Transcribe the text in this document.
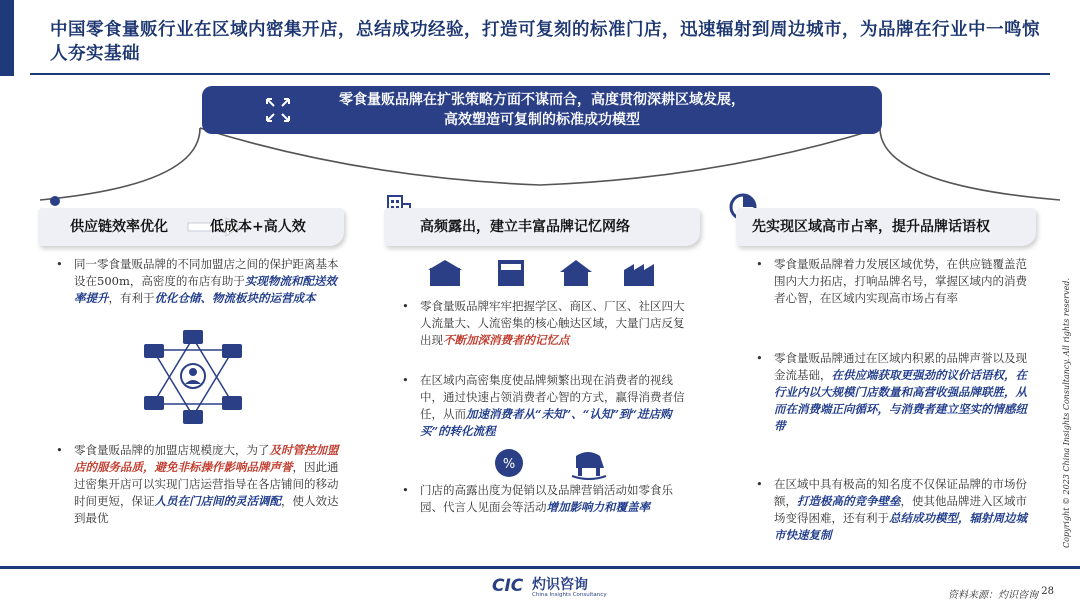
中国零食量贩行业在区域内密集开店，总结成功经验，打造可复刻的标准门店，迅速辐射到周边城市，为品牌在行业中一鸣惊人夯实基础
零食量贩品牌在扩张策略方面不谋而合，高度贯彻深耕区域发展，
高效塑造可复制的标准成功模型
供应链效率优化	低成本+高人效
• 同一零食量贩品牌的不同加盟店之间的保护距离基本设在500m，高密度的布店有助于实现物流和配送效率提升，有利于优化仓储、物流板块的运营成本
• 零食量贩品牌的加盟店规模庞大，为了及时管控加盟店的服务品质，避免非标操作影响品牌声誉，因此通过密集开店可以实现门店运营指导在各店铺间的移动时间更短，保证人员在门店间的灵活调配，使人效达到最优
高频露出，建立丰富品牌记忆网络
• 零食量贩品牌牢牢把握学区、商区、厂区、社区四大人流量大、人流密集的核心触达区域，大量门店反复出现不断加深消费者的记忆点
• 在区域内高密集度使品牌频繁出现在消费者的视线中，通过快速占领消费者心智的方式，赢得消费者信任，从而加速消费者从“未知”、“认知”到“进店购买”的转化流程
%
• 门店的高露出度为促销以及品牌营销活动如零食乐园、代言人见面会等活动增加影响力和覆盖率
先实现区域高市占率，提升品牌话语权
• 零食量贩品牌着力发展区域优势，在供应链覆盖范围内大力拓店，打响品牌名号，掌握区域内的消费者心智，在区域内实现高市场占有率
• 零食量贩品牌通过在区域内积累的品牌声誉以及现金流基础，在供应端获取更强劲的议价话语权，在行业内以大规模门店数量和高营收强品牌联胜，从而在消费端正向循环，与消费者建立坚实的情感纽带
• 在区域中具有极高的知名度不仅保证品牌的市场份额，打造极高的竞争壁垒，使其他品牌进入区域市场变得困难，还有利于总结成功模型，辐射周边城市快速复制	Copyright © 2023 China Insights Consultancy. All rights reserved.
CIC 灼识咨询
China Insights Consultancy	资料来源：灼识咨询 28
